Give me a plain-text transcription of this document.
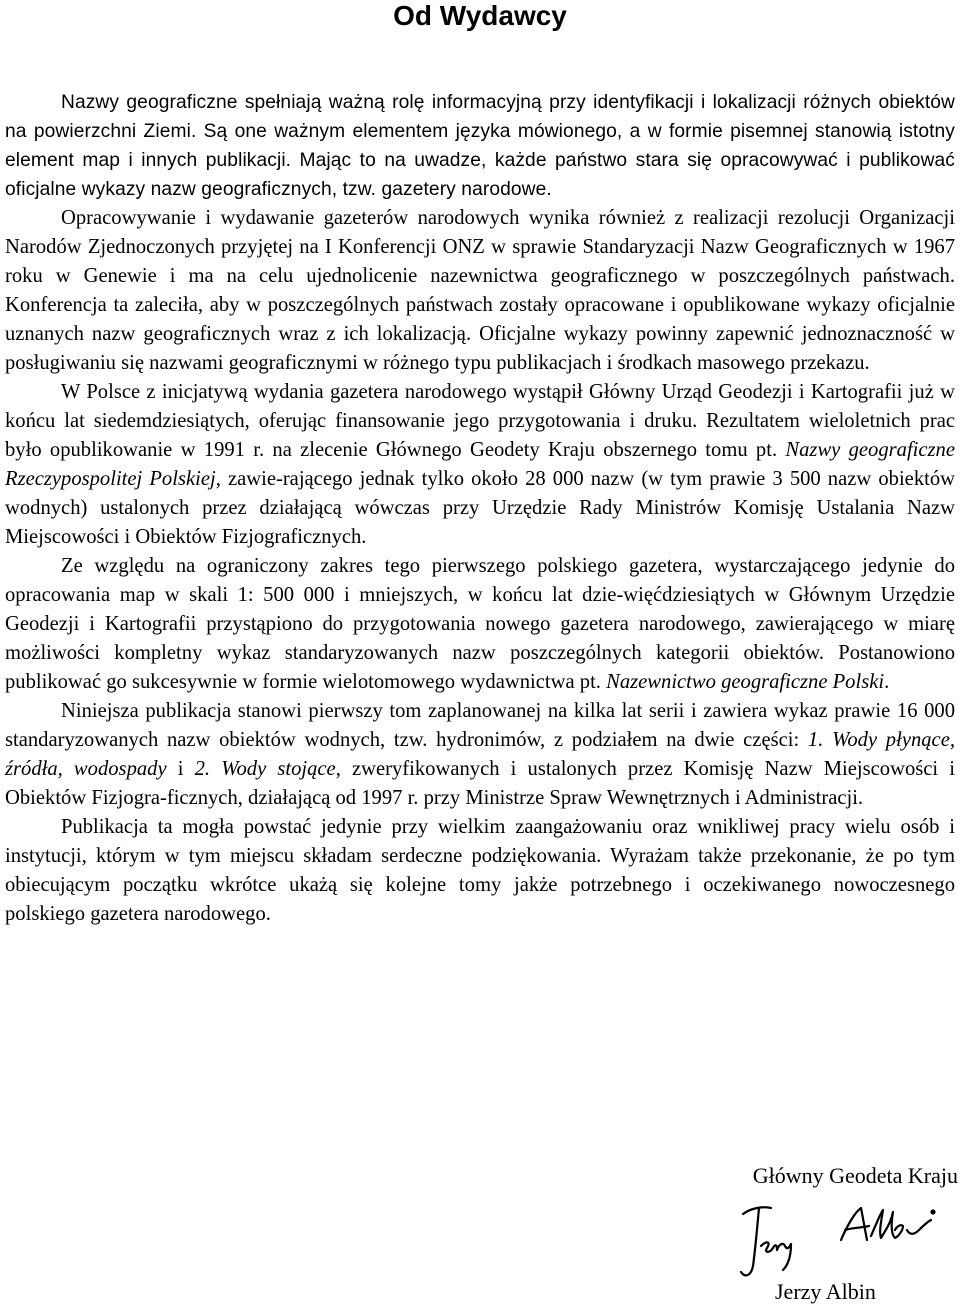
Od Wydawcy

Nazwy geograficzne spełniają ważną rolę informacyjną przy identyfikacji i lokalizacji różnych obiektów na powierzchni Ziemi. Są one ważnym elementem języka mówionego, a w formie pisemnej stanowią istotny element map i innych publikacji. Mając to na uwadze, każde państwo stara się opracowywać i publikować oficjalne wykazy nazw geograficznych, tzw. gazetery narodowe.

Opracowywanie i wydawanie gazeterów narodowych wynika również z realizacji rezolucji Organizacji Narodów Zjednoczonych przyjętej na I Konferencji ONZ w sprawie Standaryzacji Nazw Geograficznych w 1967 roku w Genewie i ma na celu ujednolicenie nazewnictwa geograficznego w poszczególnych państwach. Konferencja ta zaleciła, aby w poszczególnych państwach zostały opracowane i opublikowane wykazy oficjalnie uznanych nazw geograficznych wraz z ich lokalizacją. Oficjalne wykazy powinny zapewnić jednoznaczność w posługiwaniu się nazwami geograficznymi w różnego typu publikacjach i środkach masowego przekazu.

W Polsce z inicjatywą wydania gazetera narodowego wystąpił Główny Urząd Geodezji i Kartografii już w końcu lat siedemdziesiątych, oferując finansowanie jego przygotowania i druku. Rezultatem wieloletnich prac było opublikowanie w 1991 r. na zlecenie Głównego Geodety Kraju obszernego tomu pt. Nazwy geograficzne Rzeczypospolitej Polskiej, zawie-rającego jednak tylko około 28 000 nazw (w tym prawie 3 500 nazw obiektów wodnych) ustalonych przez działającą wówczas przy Urzędzie Rady Ministrów Komisję Ustalania Nazw Miejscowości i Obiektów Fizjograficznych.

Ze względu na ograniczony zakres tego pierwszego polskiego gazetera, wystarczającego jedynie do opracowania map w skali 1: 500 000 i mniejszych, w końcu lat dzie-więćdziesiątych w Głównym Urzędzie Geodezji i Kartografii przystąpiono do przygotowania nowego gazetera narodowego, zawierającego w miarę możliwości kompletny wykaz standaryzowanych nazw poszczególnych kategorii obiektów. Postanowiono publikować go sukcesywnie w formie wielotomowego wydawnictwa pt. Nazewnictwo geograficzne Polski.

Niniejsza publikacja stanowi pierwszy tom zaplanowanej na kilka lat serii i zawiera wykaz prawie 16 000 standaryzowanych nazw obiektów wodnych, tzw. hydronimów, z podziałem na dwie części: 1. Wody płynące, źródła, wodospady i 2. Wody stojące, zweryfikowanych i ustalonych przez Komisję Nazw Miejscowości i Obiektów Fizjogra-ficznych, działającą od 1997 r. przy Ministrze Spraw Wewnętrznych i Administracji.

Publikacja ta mogła powstać jedynie przy wielkim zaangażowaniu oraz wnikliwej pracy wielu osób i instytucji, którym w tym miejscu składam serdeczne podziękowania. Wyrażam także przekonanie, że po tym obiecującym początku wkrótce ukażą się kolejne tomy jakże potrzebnego i oczekiwanego nowoczesnego polskiego gazetera narodowego.

Główny Geodeta Kraju
Jerzy Albin
